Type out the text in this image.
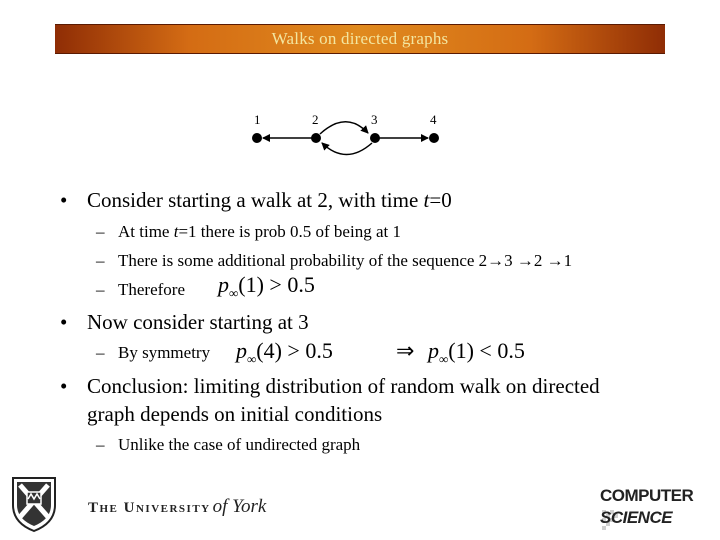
Walks on directed graphs
1	2	3	4
• Consider starting a walk at 2, with time t=0
– At time t=1 there is prob 0.5 of being at 1
– There is some additional probability of the sequence 2→3 →2 →1
– Therefore $p_\infty(1) > 0.5$
• Now consider starting at 3
– By symmetry $p_\infty(4) > 0.5$	⇒ $p_\infty(1) < 0.5$
• Conclusion: limiting distribution of random walk on directed graph depends on initial conditions
– Unlike the case of undirected graph
The University of York
COMPUTER
SCIENCE
